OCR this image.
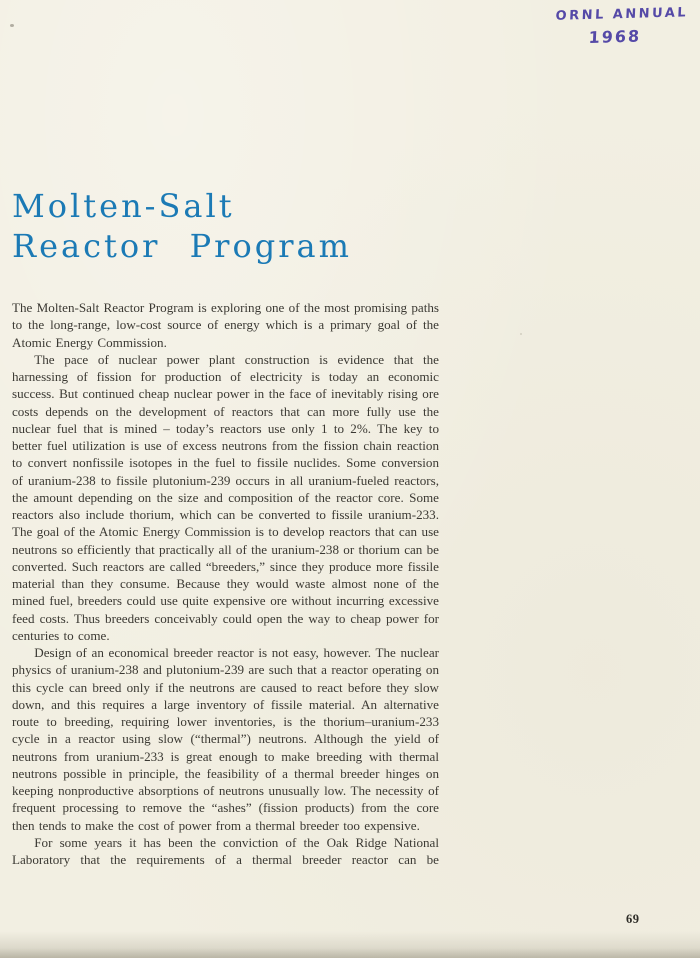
ORNL ANNUAL
1968
Molten-Salt
Reactor Program

The Molten-Salt Reactor Program is exploring one of the most promising paths to the long-range, low-cost source of energy which is a primary goal of the Atomic Energy Commission.

The pace of nuclear power plant construction is evidence that the harnessing of fission for production of electricity is today an economic success. But continued cheap nuclear power in the face of inevitably rising ore costs depends on the development of reactors that can more fully use the nuclear fuel that is mined – today’s reactors use only 1 to 2%. The key to better fuel utilization is use of excess neutrons from the fission chain reaction to convert nonfissile isotopes in the fuel to fissile nuclides. Some conversion of uranium-238 to fissile plutonium-239 occurs in all uranium-fueled reactors, the amount depending on the size and composition of the reactor core. Some reactors also include thorium, which can be converted to fissile uranium-233. The goal of the Atomic Energy Commission is to develop reactors that can use neutrons so efficiently that practically all of the uranium-238 or thorium can be converted. Such reactors are called “breeders,” since they produce more fissile material than they consume. Because they would waste almost none of the mined fuel, breeders could use quite expensive ore without incurring excessive feed costs. Thus breeders conceivably could open the way to cheap power for centuries to come.

Design of an economical breeder reactor is not easy, however. The nuclear physics of uranium-238 and plutonium-239 are such that a reactor operating on this cycle can breed only if the neutrons are caused to react before they slow down, and this requires a large inventory of fissile material. An alternative route to breeding, requiring lower inventories, is the thorium–uranium-233 cycle in a reactor using slow (“thermal”) neutrons. Although the yield of neutrons from uranium-233 is great enough to make breeding with thermal neutrons possible in principle, the feasibility of a thermal breeder hinges on keeping nonproductive absorptions of neutrons unusually low. The necessity of frequent processing to remove the “ashes” (fission products) from the core then tends to make the cost of power from a thermal breeder too expensive.

For some years it has been the conviction of the Oak Ridge National Laboratory that the requirements of a thermal breeder reactor can be

69
